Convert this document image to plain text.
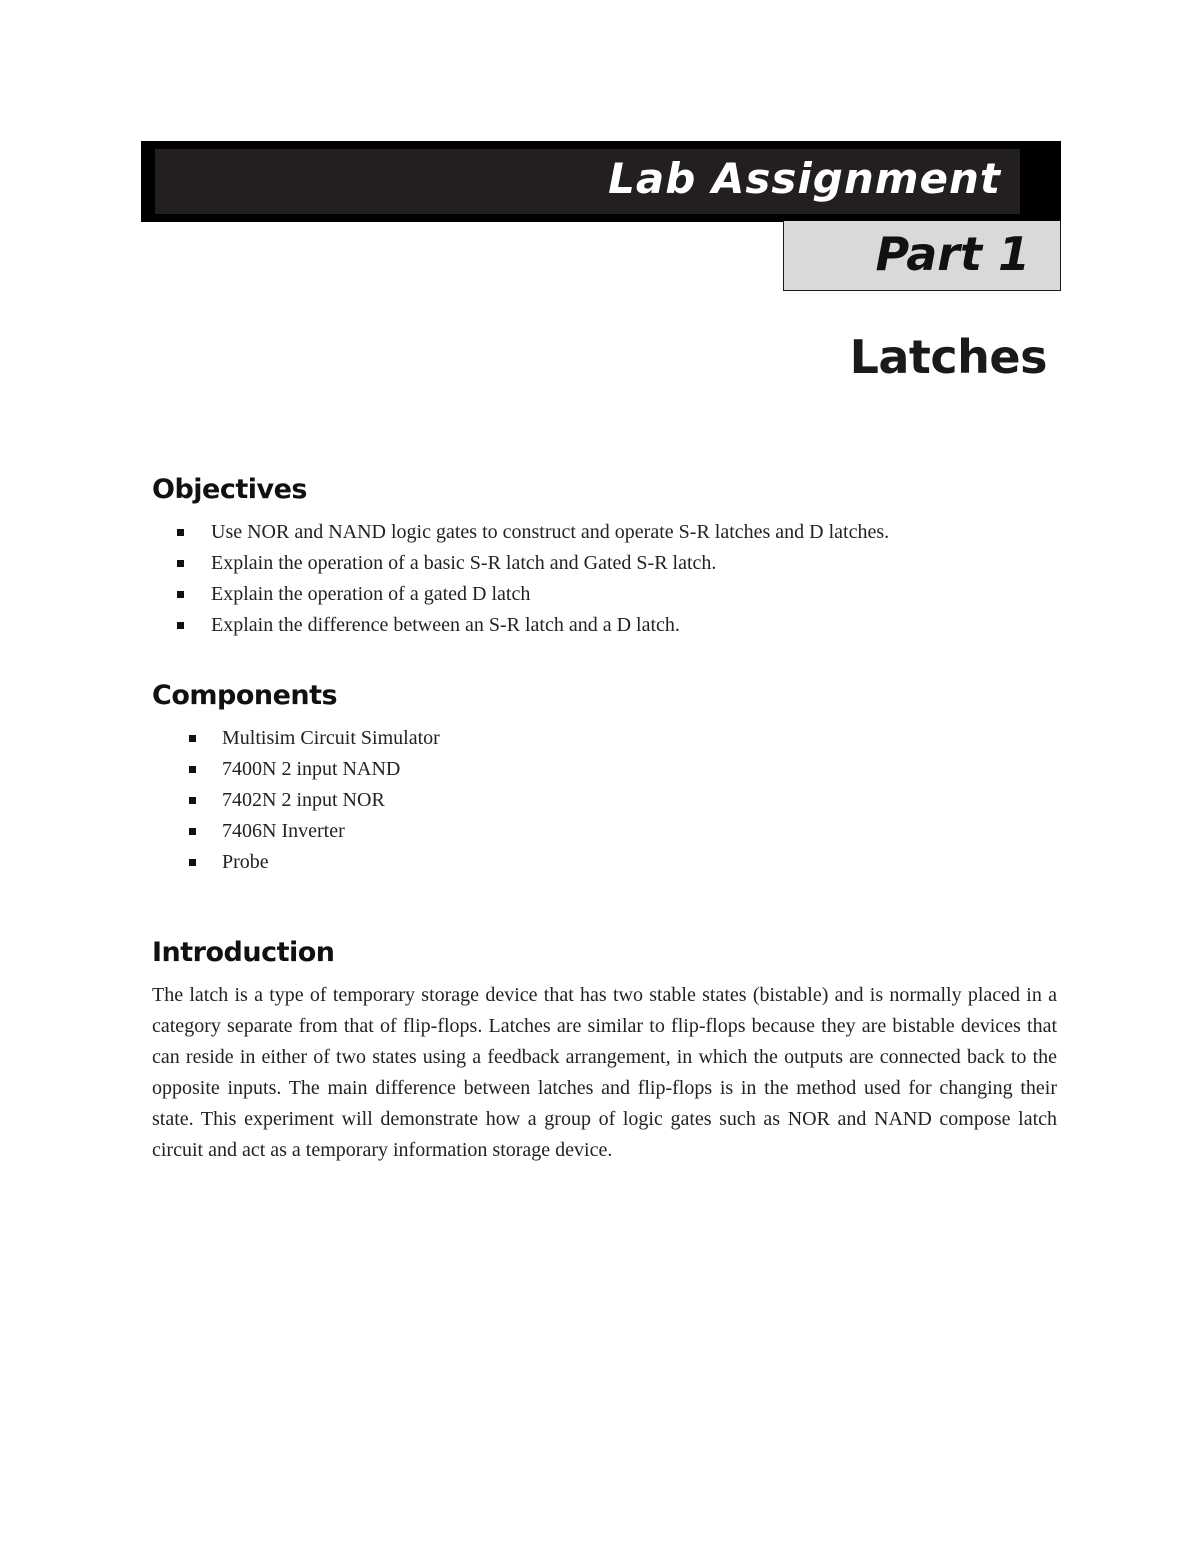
Lab Assignment
Part 1
Latches
Objectives
Use NOR and NAND logic gates to construct and operate S-R latches and D latches.
Explain the operation of a basic S-R latch and Gated S-R latch.
Explain the operation of a gated D latch
Explain the difference between an S-R latch and a D latch.
Components
Multisim Circuit Simulator
7400N 2 input NAND
7402N 2 input NOR
7406N Inverter
Probe
Introduction

The latch is a type of temporary storage device that has two stable states (bistable) and is normally placed in a category separate from that of flip-flops. Latches are similar to flip-flops because they are bistable devices that can reside in either of two states using a feedback arrangement, in which the outputs are connected back to the opposite inputs. The main difference between latches and flip-flops is in the method used for changing their state. This experiment will demonstrate how a group of logic gates such as NOR and NAND compose latch circuit and act as a temporary information storage device.
